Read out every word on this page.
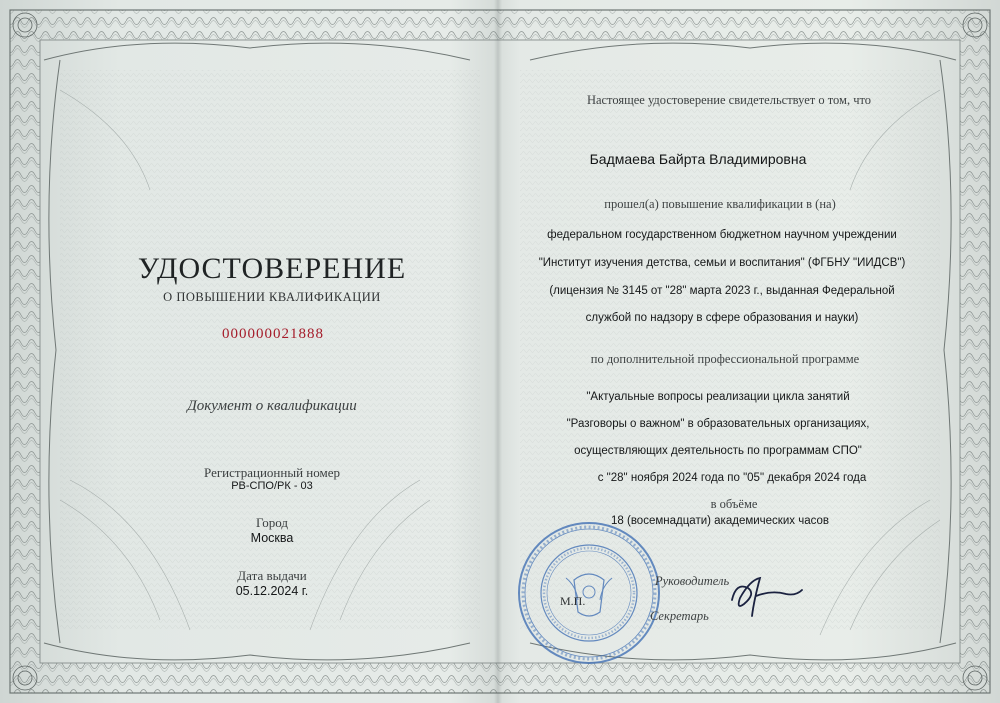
УДОСТОВЕРЕНИЕ
О ПОВЫШЕНИИ КВАЛИФИКАЦИИ
000000021888
Документ о квалификации
Регистрационный номер
РВ-СПО/РК - 03
Город
Москва
Дата выдачи
05.12.2024 г.
Настоящее удостоверение свидетельствует о том, что
Бадмаева Байрта Владимировна
прошел(а) повышение квалификации в (на)
федеральном государственном бюджетном научном учреждении
"Институт изучения детства, семьи и воспитания" (ФГБНУ "ИИДСВ")
(лицензия № 3145 от "28" марта 2023 г., выданная Федеральной
службой по надзору в сфере образования и науки)
по дополнительной профессиональной программе
"Актуальные вопросы реализации цикла занятий
"Разговоры о важном" в образовательных организациях,
осуществляющих деятельность по программам СПО"
с "28" ноября 2024 года по "05" декабря 2024 года
в объёме
18 (восемнадцати) академических часов
М.П.
Руководитель
Секретарь
